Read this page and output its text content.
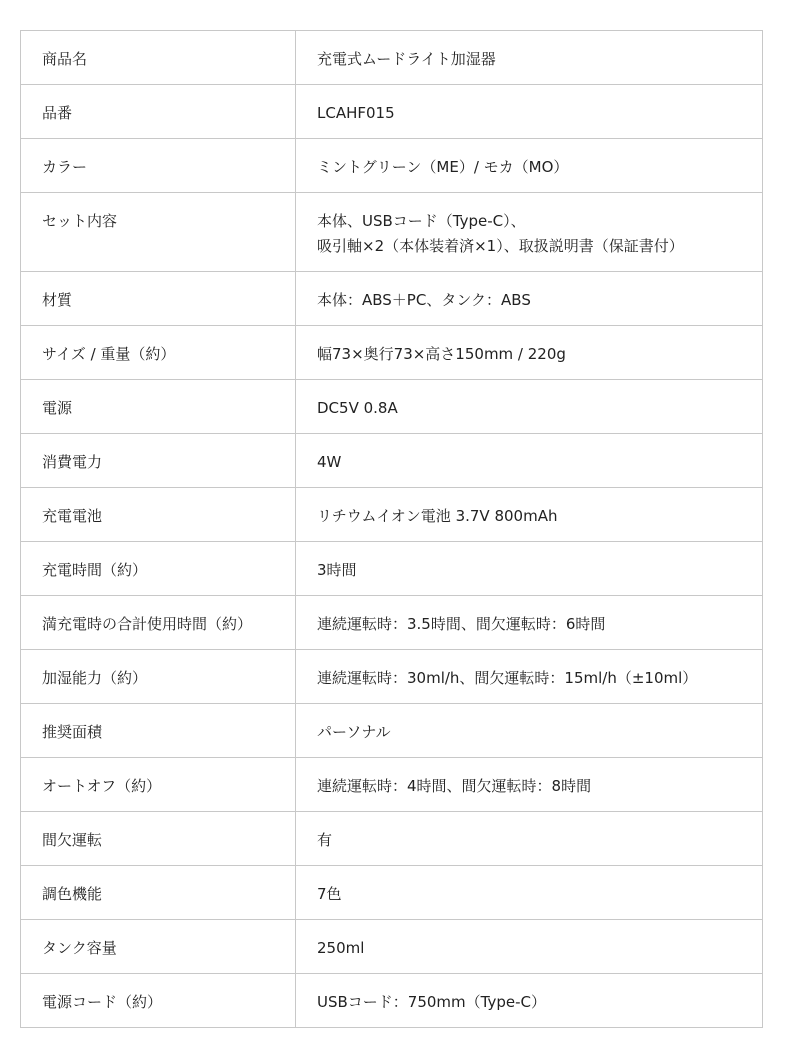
商品名	充電式ムードライト加湿器
品番	LCAHF015
カラー	ミントグリーン（ME）/ モカ（MO）
セット内容	本体、USBコード（Type-C）、
吸引軸×2（本体装着済×1）、取扱説明書（保証書付）
材質	本体：ABS＋PC、タンク：ABS
サイズ / 重量（約）	幅73×奥行73×高さ150mm / 220g
電源	DC5V 0.8A
消費電力	4W
充電電池	リチウムイオン電池 3.7V 800mAh
充電時間（約）	3時間
満充電時の合計使用時間（約）	連続運転時：3.5時間、間欠運転時：6時間
加湿能力（約）	連続運転時：30ml/h、間欠運転時：15ml/h（±10ml）
推奨面積	パーソナル
オートオフ（約）	連続運転時：4時間、間欠運転時：8時間
間欠運転	有
調色機能	7色
タンク容量	250ml
電源コード（約）	USBコード：750mm（Type-C）
